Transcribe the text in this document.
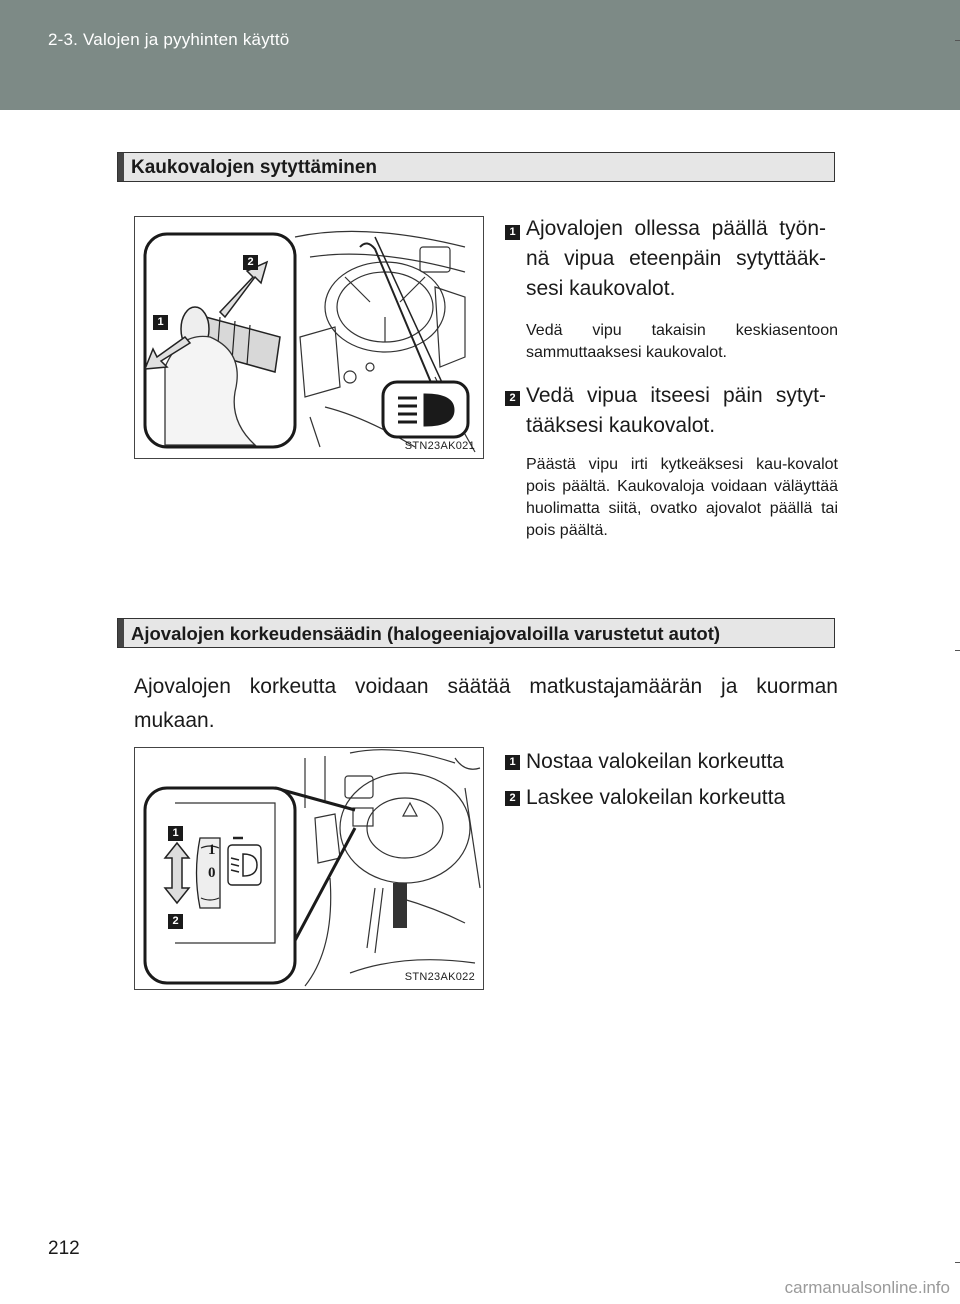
2-3. Valojen ja pyyhinten käyttö
Kaukovalojen sytyttäminen
2
1
STN23AK021
1 Ajovalojen ollessa päällä työn-nä vipua eteenpäin sytyttääk-sesi kaukovalot.
Vedä vipu takaisin keskiasentoon sammuttaaksesi kaukovalot.
2 Vedä vipua itseesi päin sytyt-tääksesi kaukovalot.
Päästä vipu irti kytkeäksesi kau-kovalot pois päältä. Kaukovaloja voidaan väläyttää huolimatta siitä, ovatko ajovalot päällä tai pois päältä.
Ajovalojen korkeudensäädin (halogeeniajovaloilla varustetut autot)
Ajovalojen korkeutta voidaan säätää matkustajamäärän ja kuorman mukaan.
1
2
1
0
STN23AK022
1 Nostaa valokeilan korkeutta
2 Laskee valokeilan korkeutta
212
carmanualsonline.info
